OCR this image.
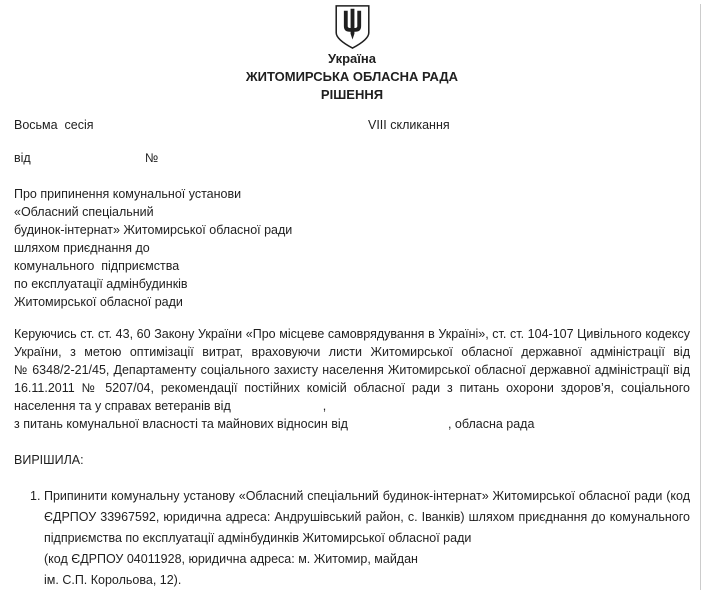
Україна
ЖИТОМИРСЬКА ОБЛАСНА РАДА
РІШЕННЯ
Восьма  сесія	VIII скликання
від	№
Про припинення комунальної установи
«Обласний спеціальний
будинок-інтернат» Житомирської обласної ради
шляхом приєднання до
комунального  підприємства
по експлуатації адмінбудинків
Житомирської обласної ради
Керуючись ст. ст. 43, 60 Закону України «Про місцеве самоврядування в Україні», ст. ст. 104-107 Цивільного кодексу
України, з метою оптимізації витрат, враховуючи листи Житомирської обласної державної адміністрації від
№ 6348/2-21/45, Департаменту соціального захисту населення Житомирської обласної державної адміністрації від
16.11.2011 № 5207/04, рекомендації постійних комісій обласної ради з питань охорони здоров’я, соціального
населення та у справах ветеранів від	,
з питань комунальної власності та майнових відносин від	, обласна рада
ВИРІШИЛА:
1. Припинити комунальну установу «Обласний спеціальний будинок-інтернат» Житомирської обласної ради (код
ЄДРПОУ 33967592, юридична адреса: Андрушівський район, с. Іванків) шляхом приєднання до комунального
підприємства по експлуатації адмінбудинків Житомирської обласної ради
(код ЄДРПОУ 04011928, юридична адреса: м. Житомир, майдан
ім. С.П. Корольова, 12).
